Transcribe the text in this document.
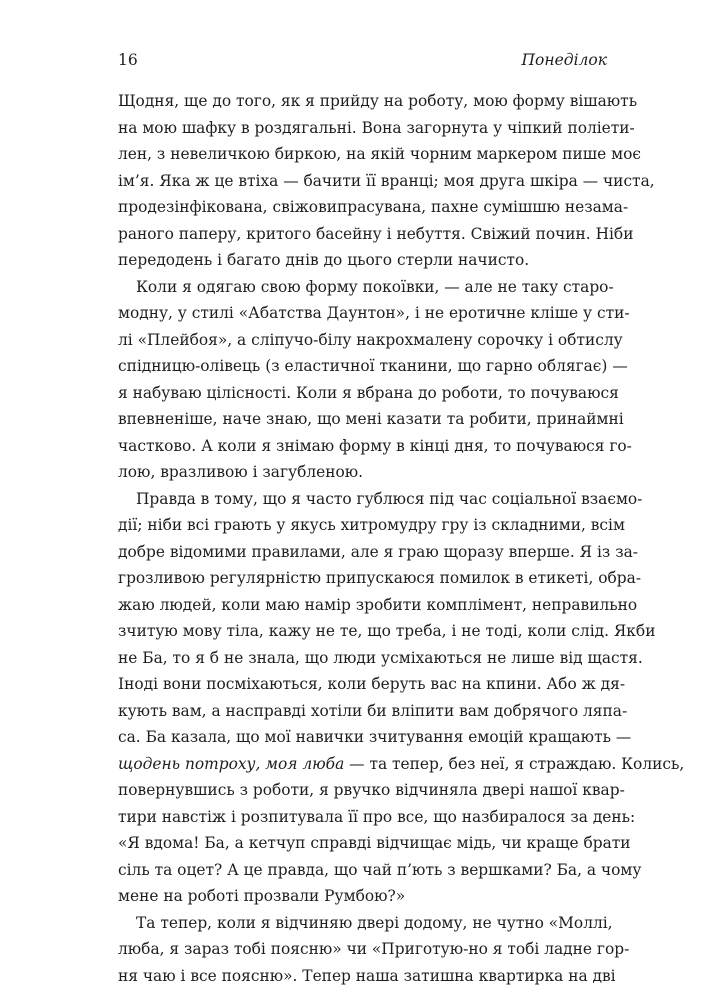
16	Понеділок
Щодня, ще до того, як я прийду на роботу, мою форму вішають
на мою шафку в роздягальні. Вона загорнута у чіпкий поліети-
лен, з невеличкою биркою, на якій чорним маркером пише моє
ім’я. Яка ж це втіха — бачити її вранці; моя друга шкіра — чиста,
продезінфікована, свіжовипрасувана, пахне сумішшю незама-
раного паперу, критого басейну і небуття. Свіжий почин. Ніби
передодень і багато днів до цього стерли начисто.
Коли я одягаю свою форму покоївки, — але не таку старо-
модну, у стилі «Абатства Даунтон», і не еротичне кліше у сти-
лі «Плейбоя», а сліпучо-білу накрохмалену сорочку і обтислу
спідницю-олівець (з еластичної тканини, що гарно облягає) —
я набуваю цілісності. Коли я вбрана до роботи, то почуваюся
впевненіше, наче знаю, що мені казати та робити, принаймні
частково. А коли я знімаю форму в кінці дня, то почуваюся го-
лою, вразливою і загубленою.
Правда в тому, що я часто гублюся під час соціальної взаємо-
дії; ніби всі грають у якусь хитромудру гру із складними, всім
добре відомими правилами, але я граю щоразу вперше. Я із за-
грозливою регулярністю припускаюся помилок в етикеті, обра-
жаю людей, коли маю намір зробити комплімент, неправильно
зчитую мову тіла, кажу не те, що треба, і не тоді, коли слід. Якби
не Ба, то я б не знала, що люди усміхаються не лише від щастя.
Іноді вони посміхаються, коли беруть вас на кпини. Або ж дя-
кують вам, а насправді хотіли би вліпити вам добрячого ляпа-
са. Ба казала, що мої навички зчитування емоцій кращають —
щодень потроху, моя люба — та тепер, без неї, я страждаю. Колись,
повернувшись з роботи, я рвучко відчиняла двері нашої квар-
тири навстіж і розпитувала її про все, що назбиралося за день:
«Я вдома! Ба, а кетчуп справді відчищає мідь, чи краще брати
сіль та оцет? А це правда, що чай п’ють з вершками? Ба, а чому
мене на роботі прозвали Румбою?»
Та тепер, коли я відчиняю двері додому, не чутно «Моллі,
люба, я зараз тобі поясню» чи «Приготую-но я тобі ладне гор-
ня чаю і все поясню». Тепер наша затишна квартирка на дві
